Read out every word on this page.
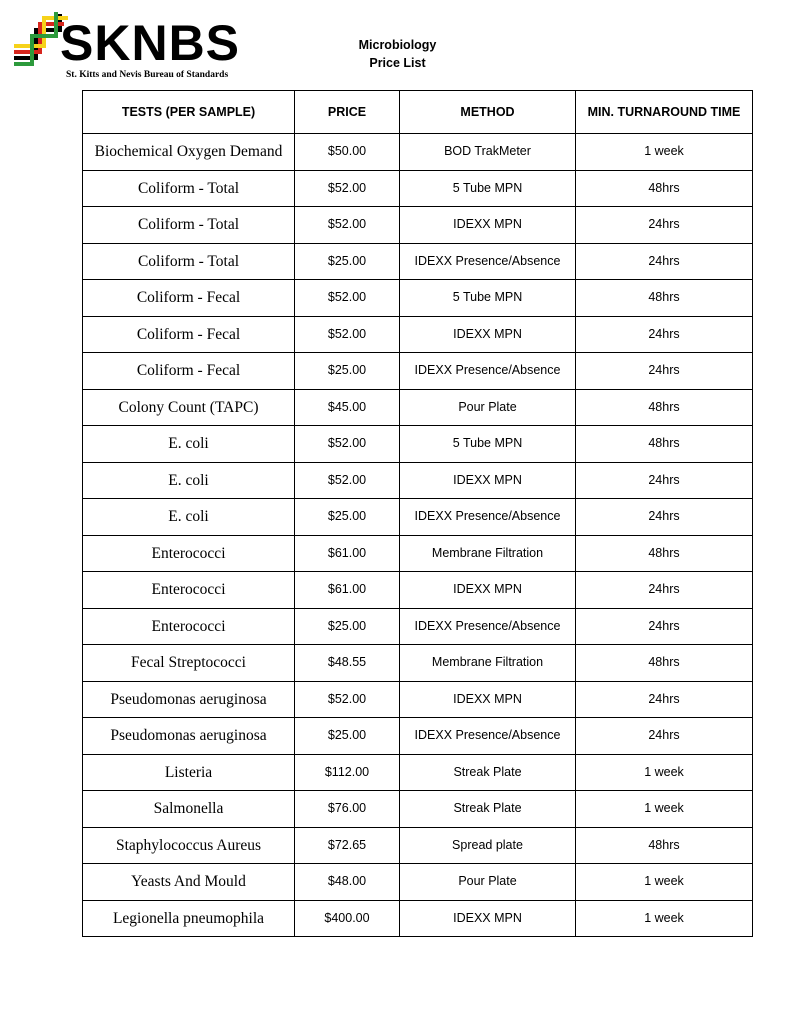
SKNBS
St. Kitts and Nevis Bureau of Standards
Microbiology
Price List
TESTS (PER SAMPLE)	PRICE	METHOD	MIN. TURNAROUND TIME
Biochemical Oxygen Demand	$50.00	BOD TrakMeter	1 week
Coliform - Total	$52.00	5 Tube MPN	48hrs
Coliform - Total	$52.00	IDEXX MPN	24hrs
Coliform - Total	$25.00	IDEXX Presence/Absence	24hrs
Coliform - Fecal	$52.00	5 Tube MPN	48hrs
Coliform - Fecal	$52.00	IDEXX MPN	24hrs
Coliform - Fecal	$25.00	IDEXX Presence/Absence	24hrs
Colony Count (TAPC)	$45.00	Pour Plate	48hrs
E. coli	$52.00	5 Tube MPN	48hrs
E. coli	$52.00	IDEXX MPN	24hrs
E. coli	$25.00	IDEXX Presence/Absence	24hrs
Enterococci	$61.00	Membrane Filtration	48hrs
Enterococci	$61.00	IDEXX MPN	24hrs
Enterococci	$25.00	IDEXX Presence/Absence	24hrs
Fecal Streptococci	$48.55	Membrane Filtration	48hrs
Pseudomonas aeruginosa	$52.00	IDEXX MPN	24hrs
Pseudomonas aeruginosa	$25.00	IDEXX Presence/Absence	24hrs
Listeria	$112.00	Streak Plate	1 week
Salmonella	$76.00	Streak Plate	1 week
Staphylococcus Aureus	$72.65	Spread plate	48hrs
Yeasts And Mould	$48.00	Pour Plate	1 week
Legionella pneumophila	$400.00	IDEXX MPN	1 week
